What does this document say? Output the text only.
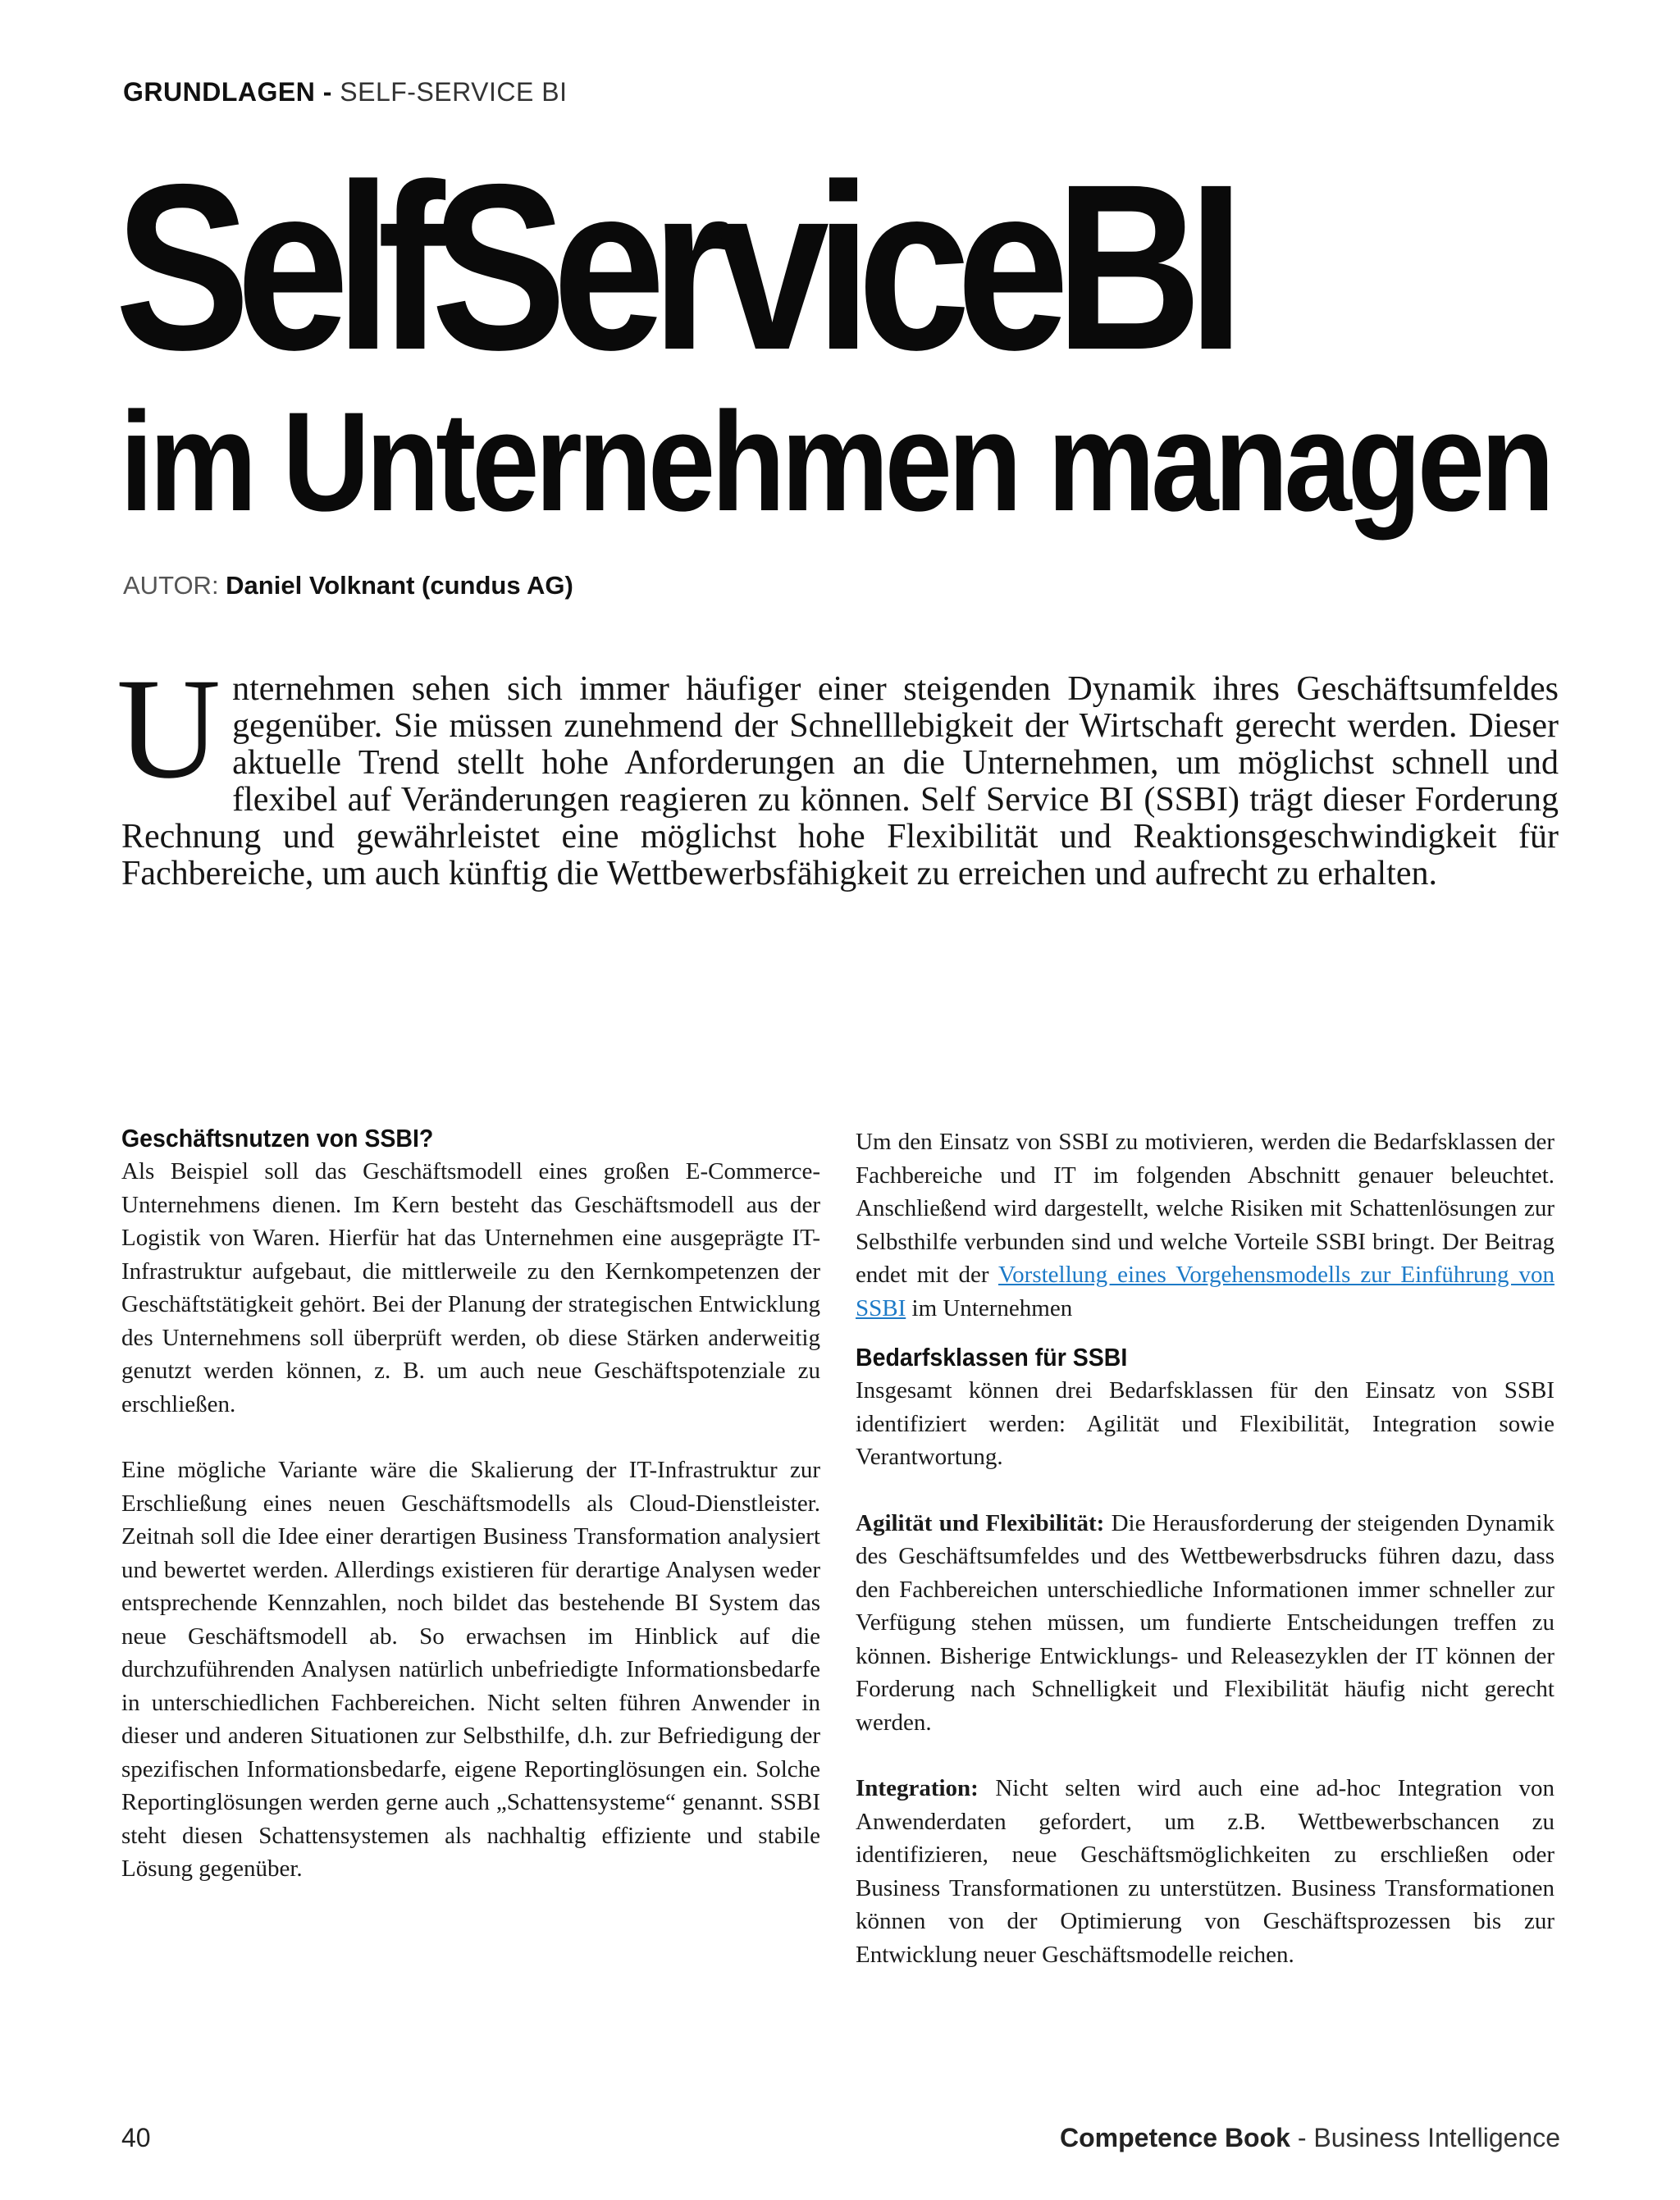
GRUNDLAGEN - SELF-SERVICE BI
SelfServiceBI
im Unternehmen managen
AUTOR: Daniel Volknant (cundus AG)
Unternehmen sehen sich immer häufiger einer steigenden Dynamik ihres Geschäftsumfeldes gegenüber. Sie müssen zunehmend der Schnelllebigkeit der Wirtschaft gerecht werden. Dieser aktuelle Trend stellt hohe Anforderungen an die Unternehmen, um möglichst schnell und flexibel auf Veränderungen reagieren zu können. Self Service BI (SSBI) trägt dieser Forderung Rechnung und gewährleistet eine möglichst hohe Flexibilität und Reaktionsgeschwindigkeit für Fachbereiche, um auch künftig die Wettbewerbsfähigkeit zu erreichen und aufrecht zu erhalten.
Geschäftsnutzen von SSBI?

Als Beispiel soll das Geschäftsmodell eines großen E-Commerce-Unternehmens dienen. Im Kern besteht das Geschäftsmodell aus der Logistik von Waren. Hierfür hat das Unternehmen eine ausgeprägte IT-Infrastruktur aufgebaut, die mittlerweile zu den Kernkompetenzen der Geschäftstätigkeit gehört. Bei der Planung der strategischen Entwicklung des Unternehmens soll überprüft werden, ob diese Stärken anderweitig genutzt werden können, z. B. um auch neue Geschäftspotenziale zu erschließen.

Eine mögliche Variante wäre die Skalierung der IT-Infrastruktur zur Erschließung eines neuen Geschäftsmodells als Cloud-Dienstleister. Zeitnah soll die Idee einer derartigen Business Transformation analysiert und bewertet werden. Allerdings existieren für derartige Analysen weder entsprechende Kennzahlen, noch bildet das bestehende BI System das neue Geschäftsmodell ab. So erwachsen im Hinblick auf die durchzuführenden Analysen natürlich unbefriedigte Informationsbedarfe in unterschiedlichen Fachbereichen. Nicht selten führen Anwender in dieser und anderen Situationen zur Selbsthilfe, d.h. zur Befriedigung der spezifischen Informationsbedarfe, eigene Reportinglösungen ein. Solche Reportinglösungen werden gerne auch „Schattensysteme“ genannt. SSBI steht diesen Schattensystemen als nachhaltig effiziente und stabile Lösung gegenüber.

Um den Einsatz von SSBI zu motivieren, werden die Bedarfsklassen der Fachbereiche und IT im folgenden Abschnitt genauer beleuchtet. Anschließend wird dargestellt, welche Risiken mit Schattenlösungen zur Selbsthilfe verbunden sind und welche Vorteile SSBI bringt. Der Beitrag endet mit der Vorstellung eines Vorgehensmodells zur Einführung von SSBI im Unternehmen

Bedarfsklassen für SSBI

Insgesamt können drei Bedarfsklassen für den Einsatz von SSBI identifiziert werden: Agilität und Flexibilität, Integration sowie Verantwortung.

Agilität und Flexibilität: Die Herausforderung der steigenden Dynamik des Geschäftsumfeldes und des Wettbewerbsdrucks führen dazu, dass den Fachbereichen unterschiedliche Informationen immer schneller zur Verfügung stehen müssen, um fundierte Entscheidungen treffen zu können. Bisherige Entwicklungs- und Releasezyklen der IT können der Forderung nach Schnelligkeit und Flexibilität häufig nicht gerecht werden.

Integration: Nicht selten wird auch eine ad-hoc Integration von Anwenderdaten gefordert, um z.B. Wettbewerbschancen zu identifizieren, neue Geschäftsmöglichkeiten zu erschließen oder Business Transformationen zu unterstützen. Business Transformationen können von der Optimierung von Geschäftsprozessen bis zur Entwicklung neuer Geschäftsmodelle reichen.

40	Competence Book - Business Intelligence
